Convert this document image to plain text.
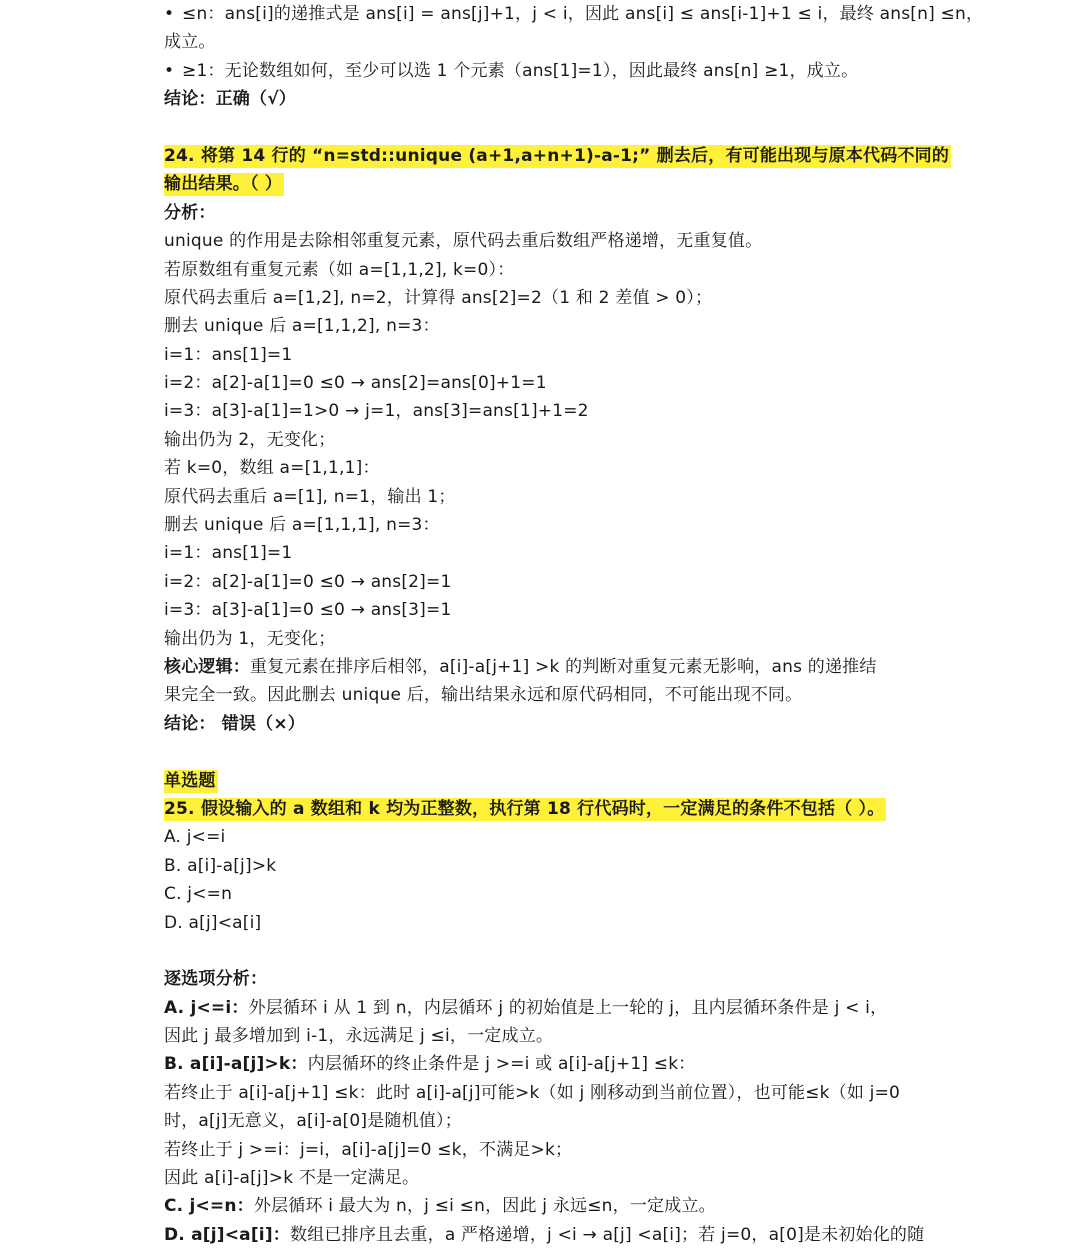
• ≤n：ans[i]的递推式是 ans[i] = ans[j]+1，j < i，因此 ans[i] ≤ ans[i-1]+1 ≤ i，最终 ans[n] ≤n，
成立。
• ≥1：无论数组如何，至少可以选 1 个元素（ans[1]=1），因此最终 ans[n] ≥1，成立。
结论：正确（√）
24. 将第 14 行的 “n=std::unique (a+1,a+n+1)-a-1;” 删去后，有可能出现与原本代码不同的
输出结果。（ ）
分析：
unique 的作用是去除相邻重复元素，原代码去重后数组严格递增，无重复值。
若原数组有重复元素（如 a=[1,1,2], k=0）：
原代码去重后 a=[1,2], n=2，计算得 ans[2]=2（1 和 2 差值 > 0）；
删去 unique 后 a=[1,1,2], n=3：
i=1：ans[1]=1
i=2：a[2]-a[1]=0 ≤0 → ans[2]=ans[0]+1=1
i=3：a[3]-a[1]=1>0 → j=1，ans[3]=ans[1]+1=2
输出仍为 2，无变化；
若 k=0，数组 a=[1,1,1]：
原代码去重后 a=[1], n=1，输出 1；
删去 unique 后 a=[1,1,1], n=3：
i=1：ans[1]=1
i=2：a[2]-a[1]=0 ≤0 → ans[2]=1
i=3：a[3]-a[1]=0 ≤0 → ans[3]=1
输出仍为 1，无变化；
核心逻辑：重复元素在排序后相邻，a[i]-a[j+1] >k 的判断对重复元素无影响，ans 的递推结
果完全一致。因此删去 unique 后，输出结果永远和原代码相同，不可能出现不同。
结论： 错误（×）
单选题
25. 假设输入的 a 数组和 k 均为正整数，执行第 18 行代码时，一定满足的条件不包括（ ）。
A. j<=i
B. a[i]-a[j]>k
C. j<=n
D. a[j]<a[i]
逐选项分析：
A. j<=i：外层循环 i 从 1 到 n，内层循环 j 的初始值是上一轮的 j，且内层循环条件是 j < i，
因此 j 最多增加到 i-1，永远满足 j ≤i，一定成立。
B. a[i]-a[j]>k：内层循环的终止条件是 j >=i 或 a[i]-a[j+1] ≤k：
若终止于 a[i]-a[j+1] ≤k：此时 a[i]-a[j]可能>k（如 j 刚移动到当前位置），也可能≤k（如 j=0
时，a[j]无意义，a[i]-a[0]是随机值）；
若终止于 j >=i：j=i，a[i]-a[j]=0 ≤k，不满足>k；
因此 a[i]-a[j]>k 不是一定满足。
C. j<=n：外层循环 i 最大为 n，j ≤i ≤n，因此 j 永远≤n，一定成立。
D. a[j]<a[i]：数组已排序且去重，a 严格递增，j <i → a[j] <a[i]；若 j=0，a[0]是未初始化的随
